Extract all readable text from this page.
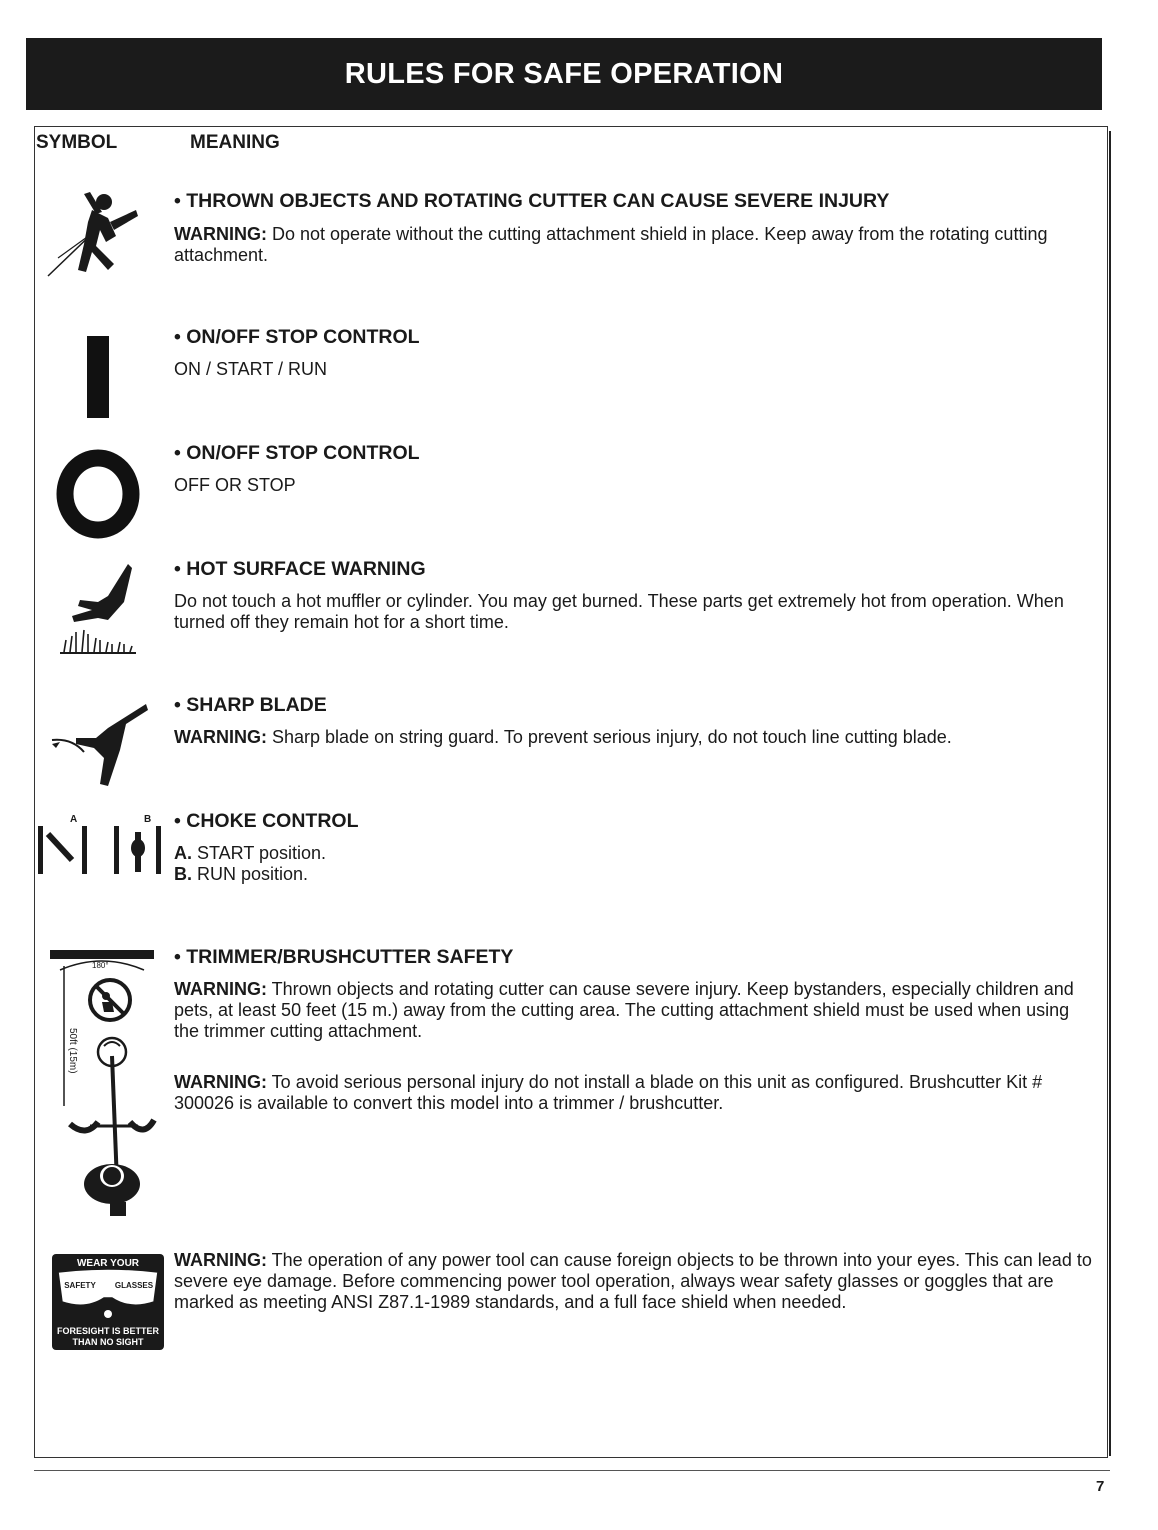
RULES FOR SAFE OPERATION
SYMBOL	MEANING
• THROWN OBJECTS AND ROTATING CUTTER CAN CAUSE SEVERE INJURY
WARNING: Do not operate without the cutting attachment shield in place. Keep away from the rotating cutting attachment.
• ON/OFF STOP CONTROL
ON / START / RUN
• ON/OFF STOP CONTROL
OFF OR STOP
• HOT SURFACE WARNING
Do not touch a hot muffler or cylinder. You may get burned. These parts get extremely hot from operation. When turned off they remain hot for a short time.
• SHARP BLADE
WARNING: Sharp blade on string guard. To prevent serious injury, do not touch line cutting blade.
A	B • CHOKE CONTROL
A. START position.
B. RUN position.
180°
50ft (15m)
• TRIMMER/BRUSHCUTTER SAFETY
WARNING: Thrown objects and rotating cutter can cause severe injury. Keep bystanders, especially children and pets, at least 50 feet (15 m.) away from the cutting area. The cutting attachment shield must be used when using the trimmer cutting attachment.
WARNING: To avoid serious personal injury do not install a blade on this unit as configured. Brushcutter Kit # 300026 is available to convert this model into a trimmer / brushcutter.
WEAR YOUR
SAFETY GLASSES
FORESIGHT IS BETTER
THAN NO SIGHT
WARNING: The operation of any power tool can cause foreign objects to be thrown into your eyes. This can lead to severe eye damage. Before commencing power tool operation, always wear safety glasses or goggles that are marked as meeting ANSI Z87.1-1989 standards, and a full face shield when needed.
7
